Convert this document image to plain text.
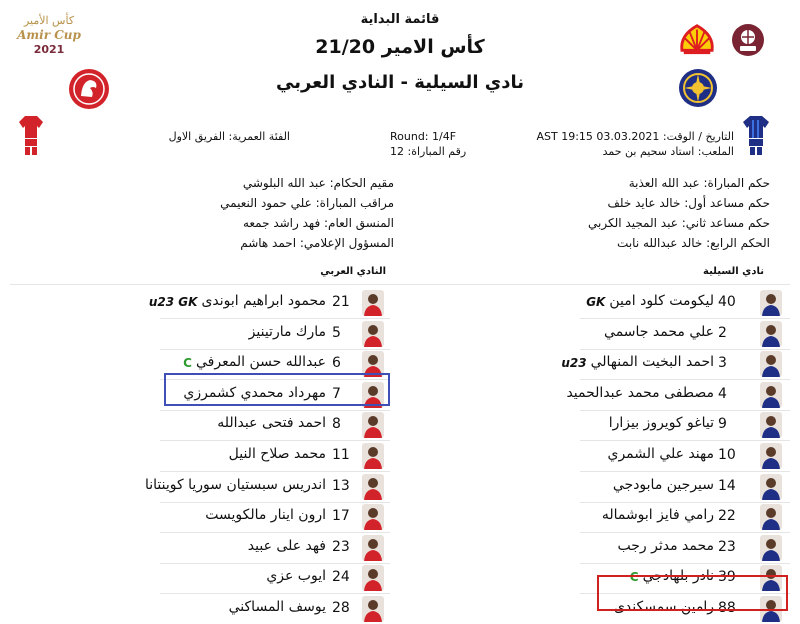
قائمة البداية
كأس الامير 21/20
نادي السيلية - النادي العربي
كأس الأمير
Amir Cup
2021
التاريخ / الوقت: 03.03.2021 AST 19:15
الملعب: استاد سحيم بن حمد
Round: 1/4F
رقم المباراة: 12
الفئة العمرية: الفريق الاول
حكم المباراة: عبد الله العذبة
حكم مساعد أول: خالد عايد خلف
حكم مساعد ثاني: عبد المجيد الكربي
الحكم الرابع: خالد عبدالله نابت
مقيم الحكام: عبد الله البلوشي
مراقب المباراة: علي حمود النعيمي
المنسق العام: فهد راشد جمعه
المسؤول الإعلامي: احمد هاشم
نادي السيلية
النادي العربي
40
ليكومت كلود امين
GK
2
علي محمد جاسمي
3
احمد البخيت المنهالي
u23
4
مصطفى محمد عبدالحميد
9
تياغو كويروز بيزارا
10
مهند علي الشمري
14
سيرجين مابودجي
22
رامي فايز ابوشماله
23
محمد مدثر رجب
39
نادر بلهادجي
C
88
رامين سمسكندى
21
محمود ابراهيم ابوندى
u23 GK
5
مارك مارتينيز
6
عبدالله حسن المعرفي
C
7
مهرداد محمدي كشمرزي
8
احمد فتحى عبدالله
11
محمد صلاح النيل
13
اندريس سبستيان سوريا كوينتانا
17
ارون اينار مالكويست
23
فهد على عبيد
24
ايوب عزي
28
يوسف المساكني
